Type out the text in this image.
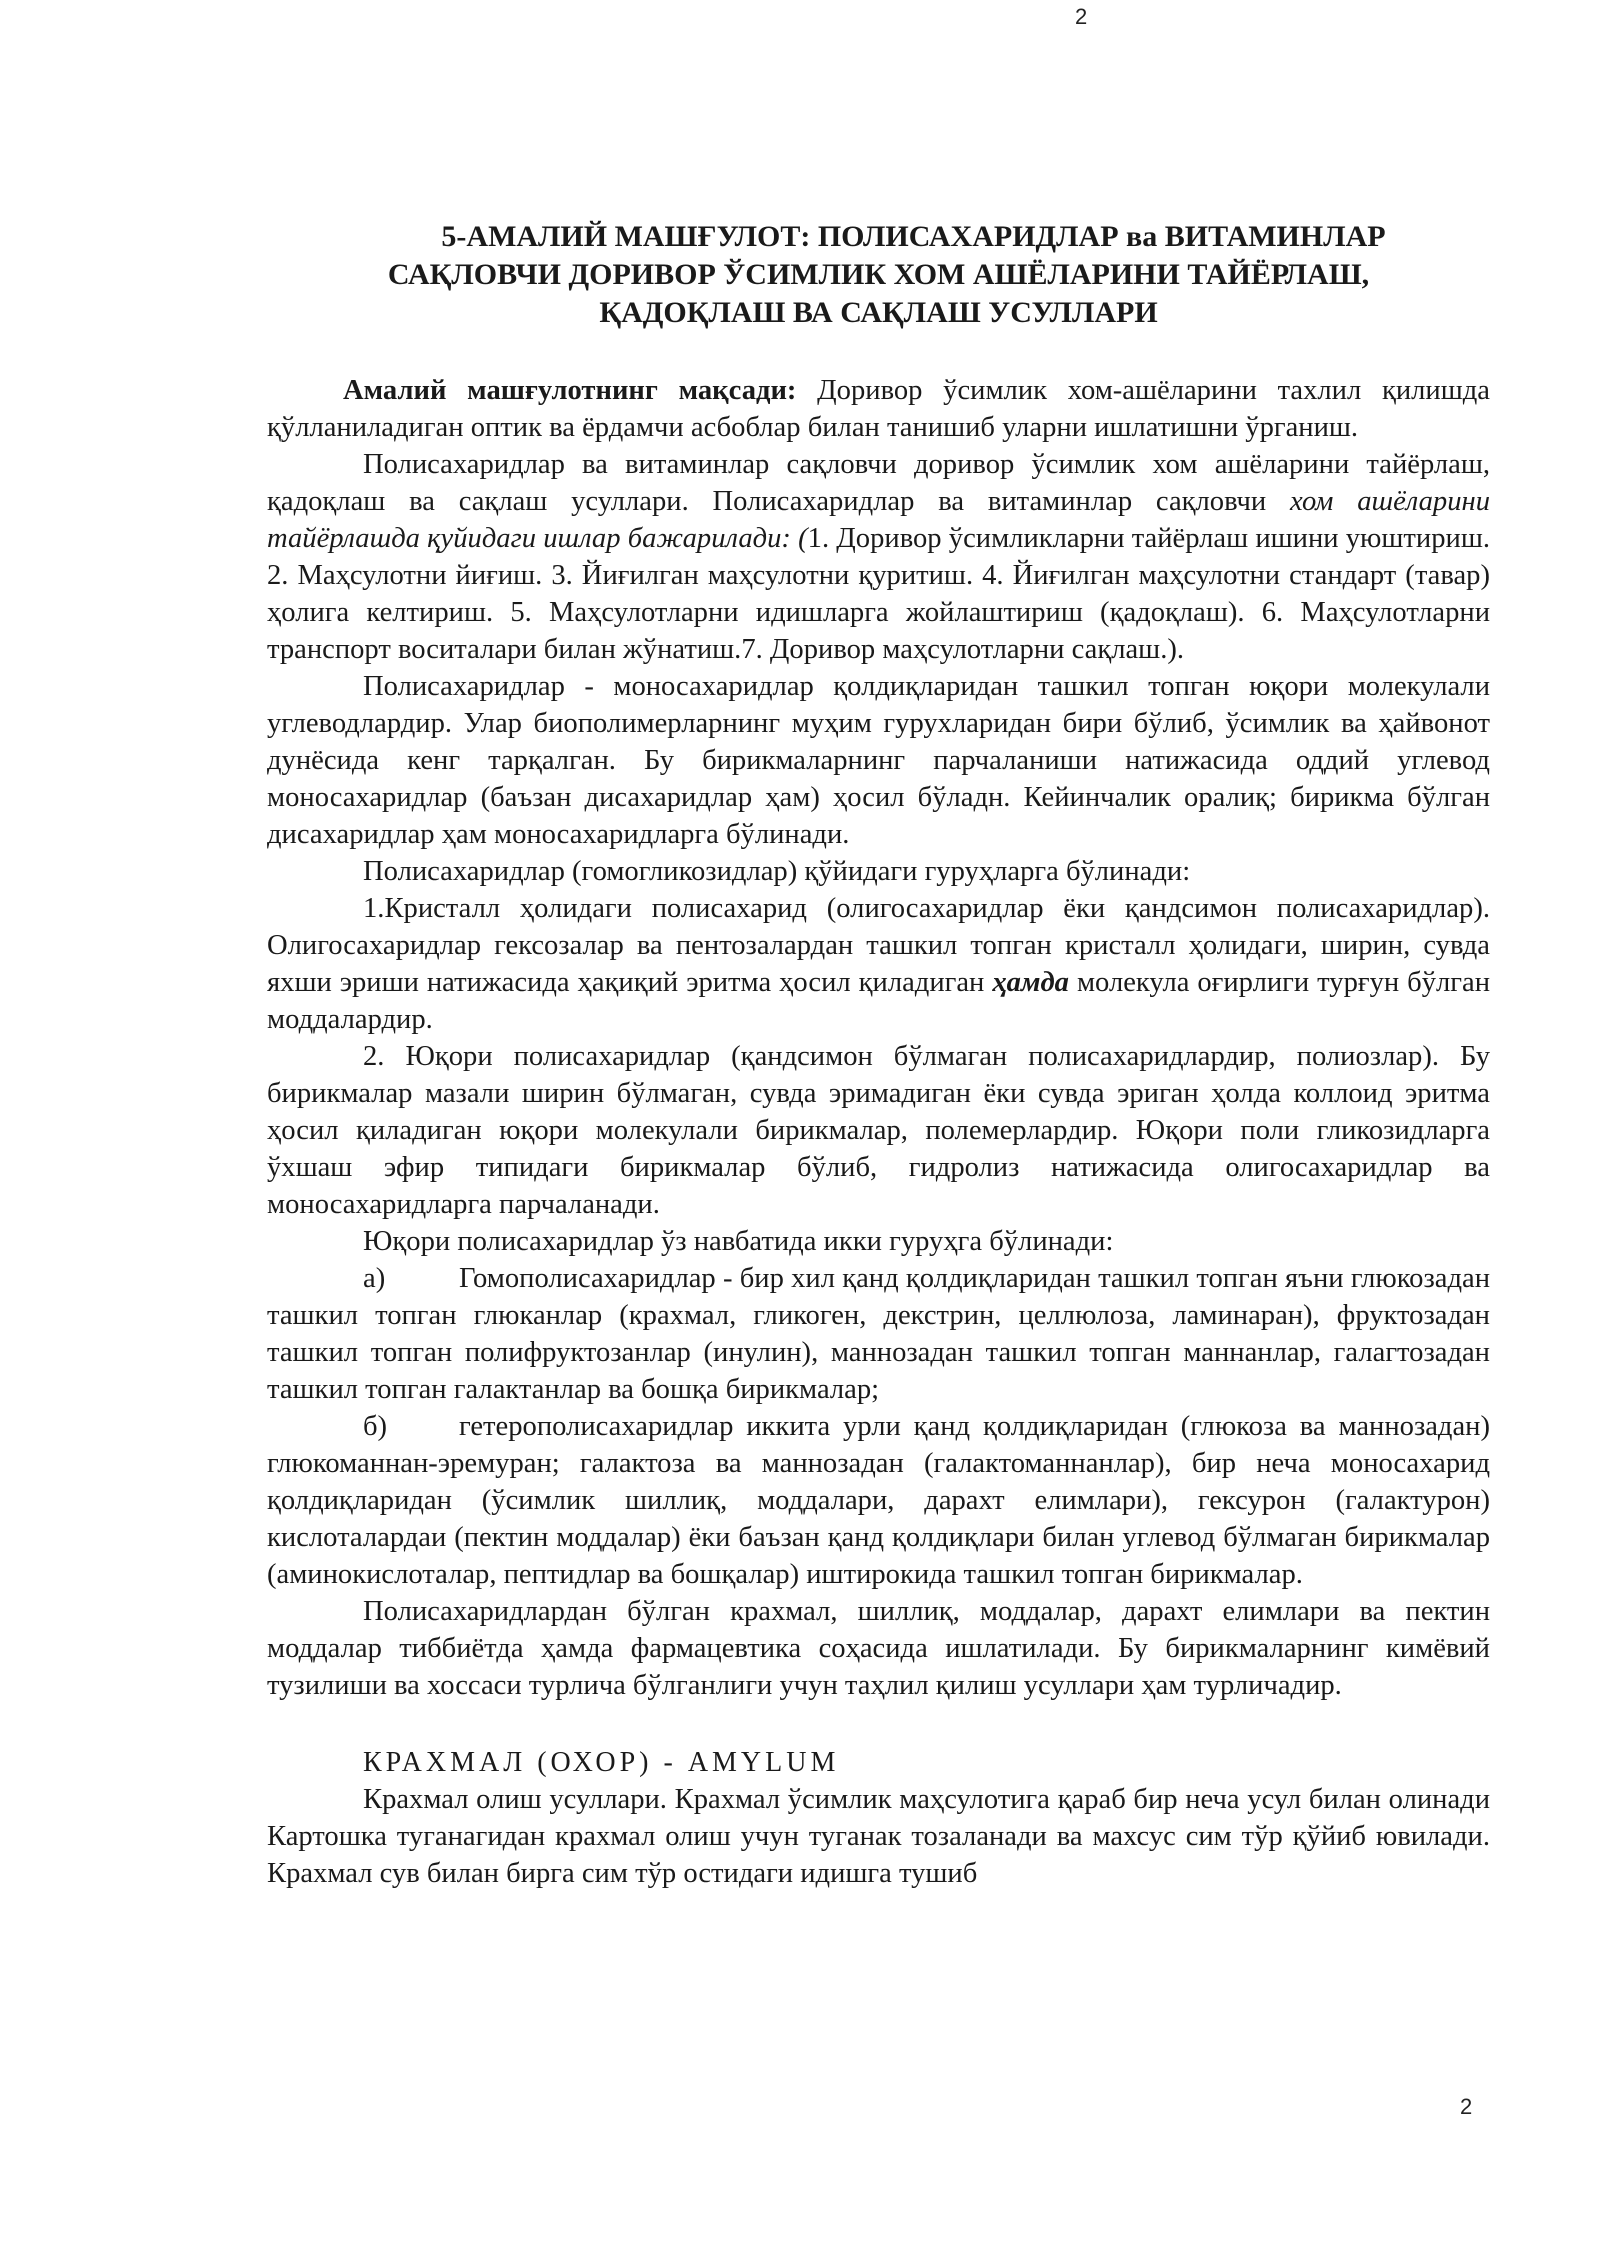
2
5-АМАЛИЙ МАШҒУЛОТ: ПОЛИСАХАРИДЛАР ва ВИТАМИНЛАР
САҚЛОВЧИ ДОРИВОР ЎСИМЛИК ХОМ АШЁЛАРИНИ ТАЙЁРЛАШ,
ҚАДОҚЛАШ ВА САҚЛАШ УСУЛЛАРИ

Амалий машғулотнинг мақсади: Доривор ўсимлик хом-ашёларини тахлил қилишда қўлланиладиган оптик ва ёрдамчи асбоблар билан танишиб уларни ишлатишни ўрганиш.

Полисахаридлар ва витаминлар сақловчи доривор ўсимлик хом ашёларини тайёрлаш, қадоқлаш ва сақлаш усуллари. Полисахаридлар ва витаминлар сақловчи хом ашёларини тайёрлашда қуйидаги ишлар бажарилади: (1. Доривор ўсимликларни тайёрлаш ишини уюштириш. 2. Маҳсулотни йиғиш. 3. Йиғилган маҳсулотни қуритиш. 4. Йиғилган маҳсулотни стандарт (тавар) ҳолига келтириш. 5. Маҳсулотларни идишларга жойлаштириш (қадоқлаш). 6. Маҳсулотларни транспорт воситалари билан жўнатиш.7. Доривор маҳсулотларни сақлаш.).

Полисахаридлар - моносахаридлар қолдиқларидан ташкил топган юқори молекулали углеводлардир. Улар биополимерларнинг муҳим гурухларидан бири бўлиб, ўсимлик ва ҳайвонот дунёсида кенг тарқалган. Бу бирикмаларнинг парчаланиши натижасида оддий углевод моносахаридлар (баъзан дисахаридлар ҳам) ҳосил бўладн. Кейинчалик оралиқ; бирикма бўлган дисахаридлар ҳам моносахаридларга бўлинади.

Полисахаридлар (гомогликозидлар) қўйидаги гуруҳларга бўлинади:

1.Кристалл ҳолидаги полисахарид (олигосахаридлар ёки қандсимон полисахаридлар). Олигосахаридлар гексозалар ва пентозалардан ташкил топган кристалл ҳолидаги, ширин, сувда яхши эриши натижасида ҳақиқий эритма ҳосил қиладиган ҳамда молекула оғирлиги турғун бўлган моддалардир.

2. Юқори полисахаридлар (қандсимон бўлмаган полисахаридлардир, полиозлар). Бу бирикмалар мазали ширин бўлмаган, сувда эримадиган ёки сувда эриган ҳолда коллоид эритма ҳосил қиладиган юқори молекулали бирикмалар, полемерлардир. Юқори поли гликозидларга ўхшаш эфир типидаги бирикмалар бўлиб, гидролиз натижасида олигосахаридлар ва моносахаридларга парчаланади.

Юқори полисахаридлар ўз навбатида икки гуруҳга бўлинади:

а)	Гомополисахаридлар - бир хил қанд қолдиқларидан ташкил топган яъни глюкозадан ташкил топган глюканлар (крахмал, гликоген, декстрин, целлюлоза, ламинаран), фруктозадан ташкил топган полифруктозанлар (инулин), маннозадан ташкил топган маннанлар, галагтозадан ташкил топган галактанлар ва бошқа бирикмалар;

б)	гетерополисахаридлар иккита урли қанд қолдиқларидан (глюкоза ва маннозадан) глюкоманнан-эремуран; галактоза ва маннозадан (галактоманнанлар), бир неча моносахарид қолдиқларидан (ўсимлик шиллиқ, моддалари, дарахт елимлари), гексурон (галактурон) кислоталардаи (пектин моддалар) ёки баъзан қанд қолдиқлари билан углевод бўлмаган бирикмалар (аминокислоталар, пептидлар ва бошқалар) иштирокида ташкил топган бирикмалар.

Полисахаридлардан бўлган крахмал, шиллиқ, моддалар, дарахт елимлари ва пектин моддалар тиббиётда ҳамда фармацевтика соҳасида ишлатилади. Бу бирикмаларнинг кимёвий тузилиши ва хоссаси турлича бўлганлиги учун таҳлил қилиш усуллари ҳам турличадир.

КРАХМАЛ (ОХОР) - AMYLUM

Крахмал олиш усуллари. Крахмал ўсимлик маҳсулотига қараб бир неча усул билан олинади Картошка туганагидан крахмал олиш учун туганак тозаланади ва махсус сим тўр қўйиб ювилади. Крахмал сув билан бирга сим тўр остидаги идишга тушиб

2
